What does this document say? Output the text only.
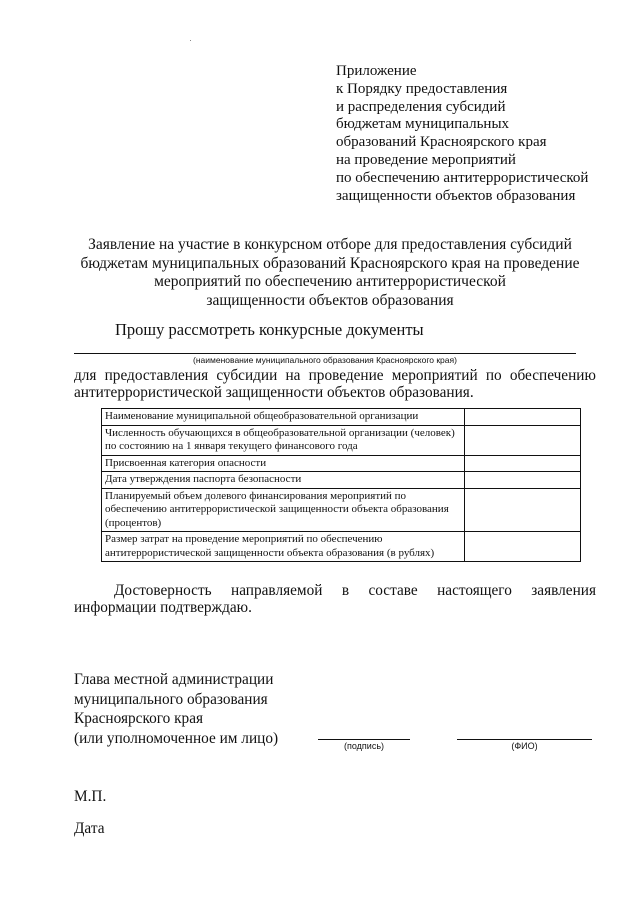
Приложение
к Порядку предоставления
и распределения субсидий
бюджетам муниципальных
образований Красноярского края
на проведение мероприятий
по обеспечению антитеррористической
защищенности объектов образования
Заявление на участие в конкурсном отборе для предоставления субсидий
бюджетам муниципальных образований Красноярского края на проведение
мероприятий по обеспечению антитеррористической
защищенности объектов образования
Прошу рассмотреть конкурсные документы
(наименование муниципального образования Красноярского края)
для предоставления субсидии на проведение мероприятий по обеспечению
антитеррористической защищенности объектов образования.
Наименование муниципальной общеобразовательной организации	
Численность обучающихся в общеобразовательной организации (человек) по состоянию на 1 января текущего финансового года	
Присвоенная категория опасности	
Дата утверждения паспорта безопасности	
Планируемый объем долевого финансирования мероприятий по обеспечению антитеррористической защищенности объекта образования (процентов)	
Размер затрат на проведение мероприятий по обеспечению антитеррористической защищенности объекта образования (в рублях)	
Достоверность направляемой в составе настоящего заявления
информации подтверждаю.
Глава местной администрации
муниципального образования
Красноярского края
(или уполномоченное им лицо)	(подпись)	(ФИО)
М.П.
Дата
